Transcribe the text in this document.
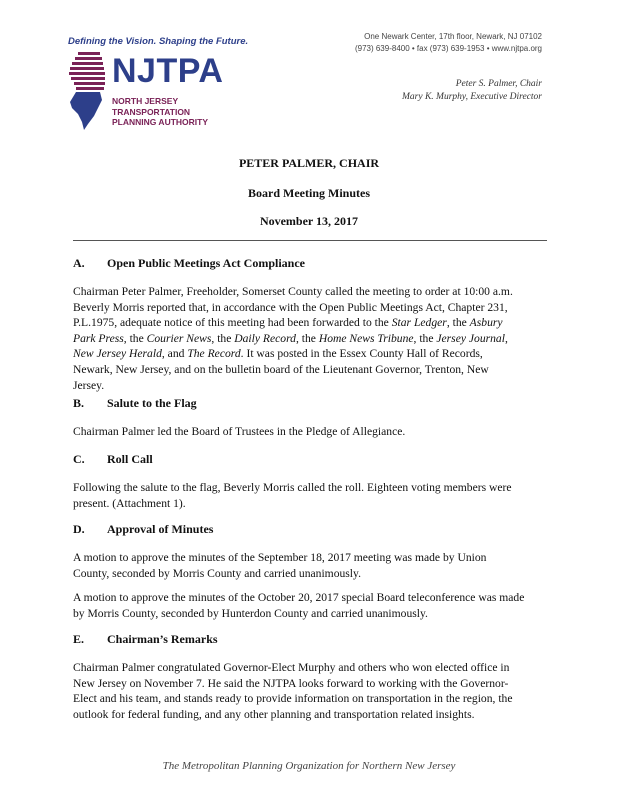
Defining the Vision. Shaping the Future.
NJTPA
NORTH JERSEY
TRANSPORTATION
PLANNING AUTHORITY
One Newark Center, 17th floor, Newark, NJ 07102
(973) 639-8400 • fax (973) 639-1953 • www.njtpa.org
Peter S. Palmer, Chair
Mary K. Murphy, Executive Director
PETER PALMER, CHAIR
Board Meeting Minutes
November 13, 2017
A. Open Public Meetings Act Compliance

Chairman Peter Palmer, Freeholder, Somerset County called the meeting to order at 10:00 a.m.
Beverly Morris reported that, in accordance with the Open Public Meetings Act, Chapter 231,
P.L.1975, adequate notice of this meeting had been forwarded to the Star Ledger, the Asbury
Park Press, the Courier News, the Daily Record, the Home News Tribune, the Jersey Journal,
New Jersey Herald, and The Record. It was posted in the Essex County Hall of Records,
Newark, New Jersey, and on the bulletin board of the Lieutenant Governor, Trenton, New
Jersey.

B. Salute to the Flag

Chairman Palmer led the Board of Trustees in the Pledge of Allegiance.

C. Roll Call

Following the salute to the flag, Beverly Morris called the roll. Eighteen voting members were
present. (Attachment 1).

D. Approval of Minutes

A motion to approve the minutes of the September 18, 2017 meeting was made by Union
County, seconded by Morris County and carried unanimously.

A motion to approve the minutes of the October 20, 2017 special Board teleconference was made
by Morris County, seconded by Hunterdon County and carried unanimously.

E. Chairman’s Remarks

Chairman Palmer congratulated Governor-Elect Murphy and others who won elected office in
New Jersey on November 7. He said the NJTPA looks forward to working with the Governor-
Elect and his team, and stands ready to provide information on transportation in the region, the
outlook for federal funding, and any other planning and transportation related insights.

The Metropolitan Planning Organization for Northern New Jersey
